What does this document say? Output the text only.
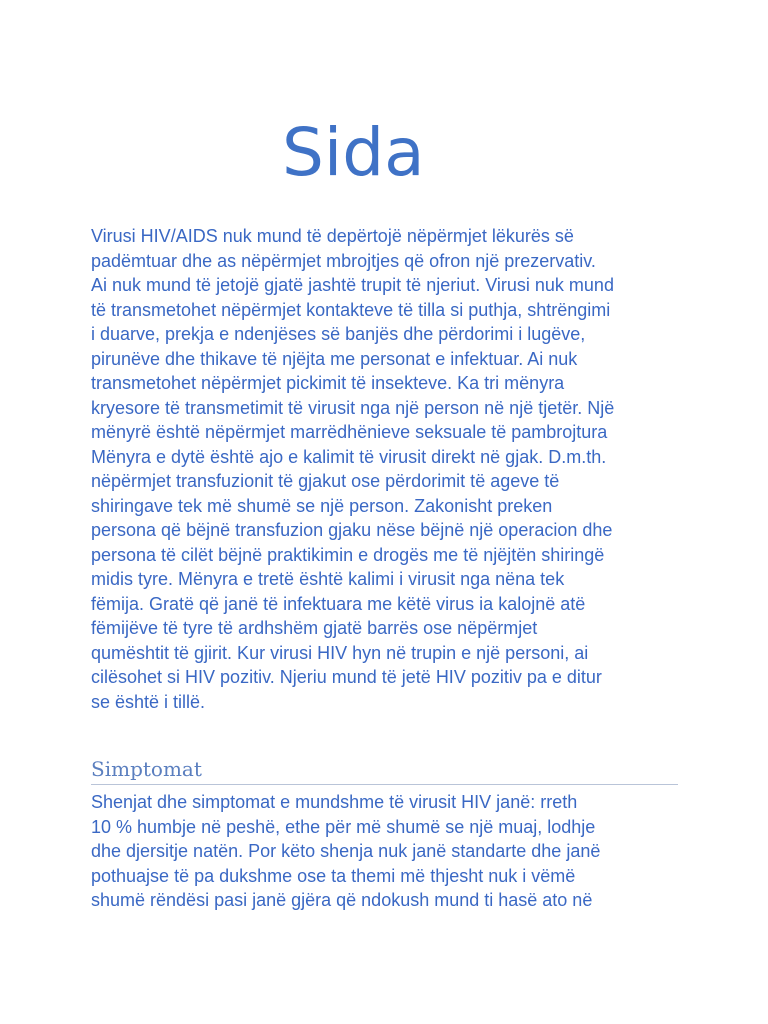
Sida
Virusi HIV/AIDS nuk mund të depërtojë nëpërmjet lëkurës së
padëmtuar dhe as nëpërmjet mbrojtjes që ofron një prezervativ.
Ai nuk mund të jetojë gjatë jashtë trupit të njeriut. Virusi nuk mund
të transmetohet nëpërmjet kontakteve të tilla si puthja, shtrëngimi
i duarve, prekja e ndenjëses së banjës dhe përdorimi i lugëve,
pirunëve dhe thikave të njëjta me personat e infektuar. Ai nuk
transmetohet nëpërmjet pickimit të insekteve. Ka tri mënyra
kryesore të transmetimit të virusit nga një person në një tjetër. Një
mënyrë është nëpërmjet marrëdhënieve seksuale të pambrojtura
Mënyra e dytë është ajo e kalimit të virusit direkt në gjak. D.m.th.
nëpërmjet transfuzionit të gjakut ose përdorimit të ageve të
shiringave tek më shumë se një person. Zakonisht preken
persona që bëjnë transfuzion gjaku nëse bëjnë një operacion dhe
persona të cilët bëjnë praktikimin e drogës me të njëjtën shiringë
midis tyre. Mënyra e tretë është kalimi i virusit nga nëna tek
fëmija. Gratë që janë të infektuara me këtë virus ia kalojnë atë
fëmijëve të tyre të ardhshëm gjatë barrës ose nëpërmjet
qumështit të gjirit. Kur virusi HIV hyn në trupin e një personi, ai
cilësohet si HIV pozitiv. Njeriu mund të jetë HIV pozitiv pa e ditur
se është i tillë.
Simptomat
Shenjat dhe simptomat e mundshme të virusit HIV janë: rreth
10 % humbje në peshë, ethe për më shumë se një muaj, lodhje
dhe djersitje natën. Por këto shenja nuk janë standarte dhe janë
pothuajse të pa dukshme ose ta themi më thjesht nuk i vëmë
shumë rëndësi pasi janë gjëra që ndokush mund ti hasë ato në
